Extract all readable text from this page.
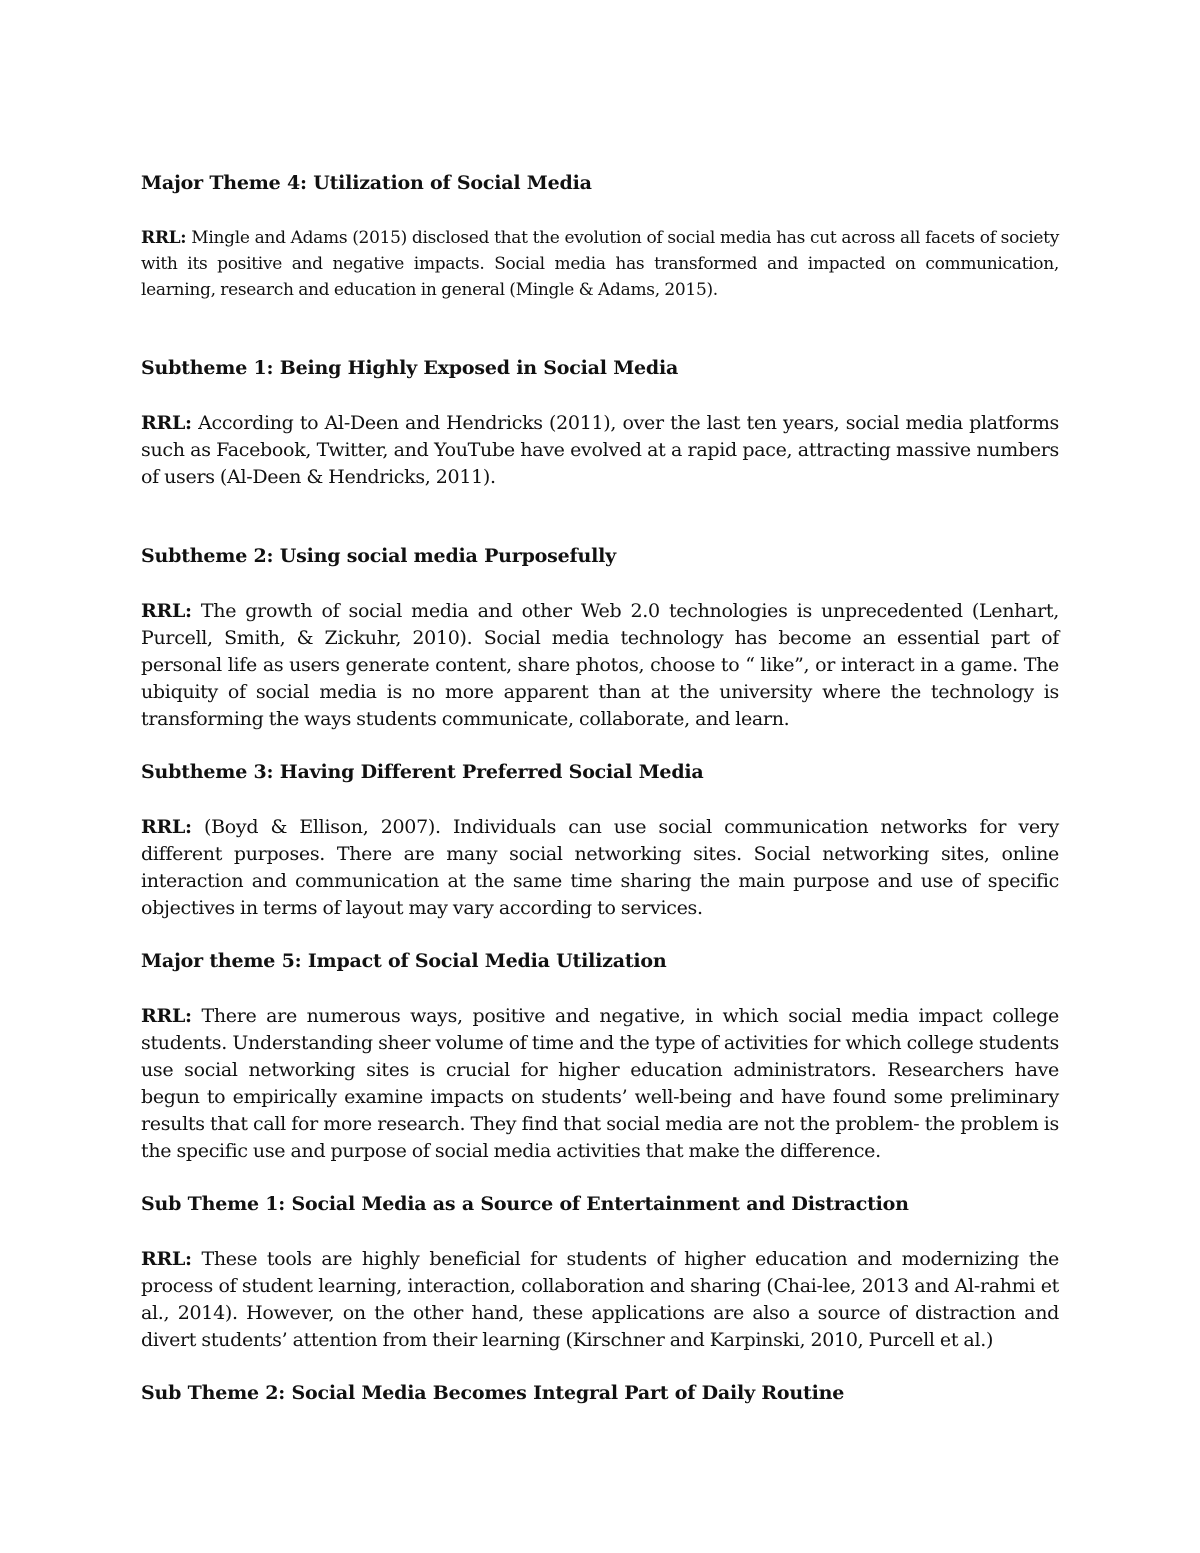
Major Theme 4: Utilization of Social Media

RRL: Mingle and Adams (2015) disclosed that the evolution of social media has cut across all facets of society with its positive and negative impacts. Social media has transformed and impacted on communication, learning, research and education in general (Mingle & Adams, 2015).

Subtheme 1: Being Highly Exposed in Social Media

RRL: According to Al-Deen and Hendricks (2011), over the last ten years, social media platforms such as Facebook, Twitter, and YouTube have evolved at a rapid pace, attracting massive numbers of users (Al-Deen & Hendricks, 2011).

Subtheme 2: Using social media Purposefully

RRL: The growth of social media and other Web 2.0 technologies is unprecedented (Lenhart, Purcell, Smith, & Zickuhr, 2010). Social media technology has become an essential part of personal life as users generate content, share photos, choose to “ like”, or interact in a game. The ubiquity of social media is no more apparent than at the university where the technology is transforming the ways students communicate, collaborate, and learn.

Subtheme 3: Having Different Preferred Social Media

RRL: (Boyd & Ellison, 2007). Individuals can use social communication networks for very different purposes. There are many social networking sites. Social networking sites, online interaction and communication at the same time sharing the main purpose and use of specific objectives in terms of layout may vary according to services.

Major theme 5: Impact of Social Media Utilization

RRL: There are numerous ways, positive and negative, in which social media impact college students. Understanding sheer volume of time and the type of activities for which college students use social networking sites is crucial for higher education administrators. Researchers have begun to empirically examine impacts on students’ well-being and have found some preliminary results that call for more research. They find that social media are not the problem- the problem is the specific use and purpose of social media activities that make the difference.

Sub Theme 1: Social Media as a Source of Entertainment and Distraction

RRL: These tools are highly beneficial for students of higher education and modernizing the process of student learning, interaction, collaboration and sharing (Chai-lee, 2013 and Al-rahmi et al., 2014). However, on the other hand, these applications are also a source of distraction and divert students’ attention from their learning (Kirschner and Karpinski, 2010, Purcell et al.)

Sub Theme 2: Social Media Becomes Integral Part of Daily Routine
